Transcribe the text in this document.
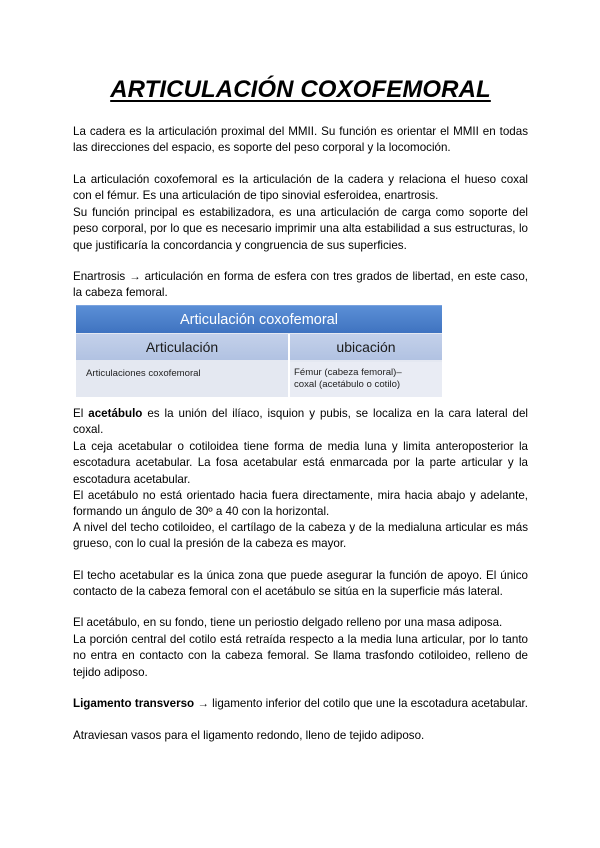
ARTICULACIÓN COXOFEMORAL

La cadera es la articulación proximal del MMII. Su función es orientar el MMII en todas las direcciones del espacio, es soporte del peso corporal y la locomoción.

La articulación coxofemoral es la articulación de la cadera y relaciona el hueso coxal con el fémur. Es una articulación de tipo sinovial esferoidea, enartrosis.

Su función principal es estabilizadora, es una articulación de carga como soporte del peso corporal, por lo que es necesario imprimir una alta estabilidad a sus estructuras, lo que justificaría la concordancia y congruencia de sus superficies.

Enartrosis → articulación en forma de esfera con tres grados de libertad, en este caso, la cabeza femoral.

Articulación coxofemoral
Articulación	ubicación
Articulaciones coxofemoral	Fémur (cabeza femoral)–
coxal (acetábulo o cotilo)

El acetábulo es la unión del ilíaco, isquion y pubis, se localiza en la cara lateral del coxal.

La ceja acetabular o cotiloidea tiene forma de media luna y limita anteroposterior la escotadura acetabular. La fosa acetabular está enmarcada por la parte articular y la escotadura acetabular.

El acetábulo no está orientado hacia fuera directamente, mira hacia abajo y adelante, formando un ángulo de 30º a 40 con la horizontal.

A nivel del techo cotiloideo, el cartílago de la cabeza y de la medialuna articular es más grueso, con lo cual la presión de la cabeza es mayor.

El techo acetabular es la única zona que puede asegurar la función de apoyo. El único contacto de la cabeza femoral con el acetábulo se sitúa en la superficie más lateral.

El acetábulo, en su fondo, tiene un periostio delgado relleno por una masa adiposa.

La porción central del cotilo está retraída respecto a la media luna articular, por lo tanto no entra en contacto con la cabeza femoral. Se llama trasfondo cotiloideo, relleno de tejido adiposo.

Ligamento transverso → ligamento inferior del cotilo que une la escotadura acetabular.

Atraviesan vasos para el ligamento redondo, lleno de tejido adiposo.
